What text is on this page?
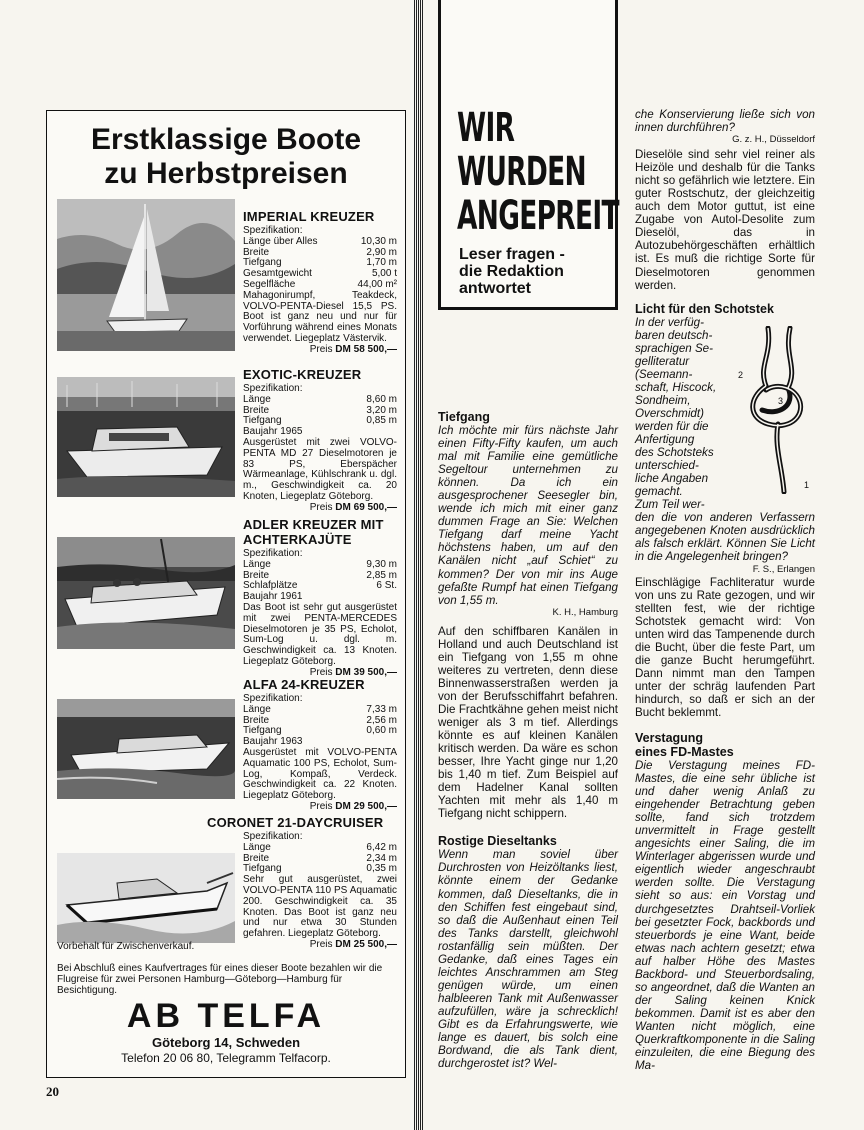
Erstklassige Boote
zu Herbstpreisen
IMPERIAL KREUZER
Spezifikation:
Länge über Alles	10,30 m
Breite	2,90 m
Tiefgang	1,70 m
Gesamtgewicht	5,00 t
Segelfläche	44,00 m²
Mahagonirumpf, Teakdeck, VOLVO-PENTA-Diesel 15,5 PS. Boot ist ganz neu und nur für Vorführung während eines Monats verwendet. Liegeplatz Västervik.
Preis DM 58 500,—
EXOTIC-KREUZER
Spezifikation:
Länge	8,60 m
Breite	3,20 m
Tiefgang	0,85 m
Baujahr 1965
Ausgerüstet mit zwei VOLVO-PENTA MD 27 Dieselmotoren je 83 PS, Eberspächer Wärmeanlage, Kühlschrank u. dgl. m., Geschwindigkeit ca. 20 Knoten, Liegeplatz Göteborg.
Preis DM 69 500,—
ADLER KREUZER MIT ACHTERKAJÜTE
Spezifikation:
Länge	9,30 m
Breite	2,85 m
Schlafplätze	6 St.
Baujahr 1961
Das Boot ist sehr gut ausgerüstet mit zwei PENTA-MERCEDES Dieselmotoren je 35 PS, Echolot, Sum-Log u. dgl. m. Geschwindigkeit ca. 13 Knoten. Liegeplatz Göteborg.
Preis DM 39 500,—
ALFA 24-KREUZER
Spezifikation:
Länge	7,33 m
Breite	2,56 m
Tiefgang	0,60 m
Baujahr 1963
Ausgerüstet mit VOLVO-PENTA Aquamatic 100 PS, Echolot, Sum-Log, Kompaß, Verdeck. Geschwindigkeit ca. 22 Knoten. Liegeplatz Göteborg.
Preis DM 29 500,—
CORONET 21-DAYCRUISER
Spezifikation:
Länge	6,42 m
Breite	2,34 m
Tiefgang	0,35 m
Sehr gut ausgerüstet, zwei VOLVO-PENTA 110 PS Aquamatic 200. Geschwindigkeit ca. 35 Knoten. Das Boot ist ganz neu und nur etwa 30 Stunden gefahren. Liegeplatz Göteborg.
Preis DM 25 500,—
Vorbehalt für Zwischenverkauf.
Bei Abschluß eines Kaufvertrages für eines dieser Boote bezahlen wir die Flugreise für zwei Personen Hamburg—Göteborg—Hamburg für Besichtigung.
AB TELFA
Göteborg 14, Schweden
Telefon 20 06 80, Telegramm Telfacorp.
20
WIR
WURDEN
ANGEPREIT
Leser fragen -
die Redaktion
antwortet
Tiefgang

Ich möchte mir fürs nächste Jahr einen Fifty-Fifty kaufen, um auch mal mit Familie eine gemütliche Segeltour unternehmen zu können. Da ich ein ausgesprochener Seesegler bin, wende ich mich mit einer ganz dummen Frage an Sie: Welchen Tiefgang darf meine Yacht höchstens haben, um auf den Kanälen nicht „auf Schiet“ zu kommen? Der von mir ins Auge gefaßte Rumpf hat einen Tiefgang von 1,55 m.

K. H., Hamburg

Auf den schiffbaren Kanälen in Holland und auch Deutschland ist ein Tiefgang von 1,55 m ohne weiteres zu vertreten, denn diese Binnenwasserstraßen werden ja von der Berufsschiffahrt befahren. Die Frachtkähne gehen meist nicht weniger als 3 m tief. Allerdings könnte es auf kleinen Kanälen kritisch werden. Da wäre es schon besser, Ihre Yacht ginge nur 1,20 bis 1,40 m tief. Zum Beispiel auf dem Hadelner Kanal sollten Yachten mit mehr als 1,40 m Tiefgang nicht schippern.

Rostige Dieseltanks

Wenn man soviel über Durchrosten von Heizöltanks liest, könnte einem der Gedanke kommen, daß Dieseltanks, die in den Schiffen fest eingebaut sind, so daß die Außenhaut einen Teil des Tanks darstellt, gleichwohl rostanfällig sein müßten. Der Gedanke, daß eines Tages ein leichtes Anschrammen am Steg genügen würde, um einen halbleeren Tank mit Außenwasser aufzufüllen, wäre ja schrecklich! Gibt es da Erfahrungswerte, wie lange es dauert, bis solch eine Bordwand, die als Tank dient, durchgerostet ist? Wel-

che Konservierung ließe sich von innen durchführen?

G. z. H., Düsseldorf

Dieselöle sind sehr viel reiner als Heizöle und deshalb für die Tanks nicht so gefährlich wie letztere. Ein guter Rostschutz, der gleichzeitig auch dem Motor guttut, ist eine Zugabe von Autol-Desolite zum Dieselöl, das in Autozubehörgeschäften erhältlich ist. Es muß die richtige Sorte für Dieselmotoren genommen werden.

Licht für den Schotstek
In der verfüg-
baren deutsch-
sprachigen Se-
gelliteratur
(Seemann-
schaft, Hiscock,
Sondheim,
Overschmidt)
werden für die
Anfertigung
des Schotsteks
unterschied-
liche Angaben
gemacht.
Zum Teil wer-

den die von anderen Verfassern angegebenen Knoten ausdrücklich als falsch erklärt. Können Sie Licht in die Angelegenheit bringen?

F. S., Erlangen

Einschlägige Fachliteratur wurde von uns zu Rate gezogen, und wir stellten fest, wie der richtige Schotstek gemacht wird: Von unten wird das Tampenende durch die Bucht, über die feste Part, um die ganze Bucht herumgeführt. Dann nimmt man den Tampen unter der schräg laufenden Part hindurch, so daß er sich an der Bucht beklemmt.

Verstagung
eines FD-Mastes

Die Verstagung meines FD-Mastes, die eine sehr übliche ist und daher wenig Anlaß zu eingehender Betrachtung geben sollte, fand sich trotzdem unvermittelt in Frage gestellt angesichts einer Saling, die im Winterlager abgerissen wurde und eigentlich wieder angeschraubt werden sollte. Die Verstagung sieht so aus: ein Vorstag und durchgesetztes Drahtseil-Vorliek bei gesetzter Fock, backbords und steuerbords je eine Want, beide etwas nach achtern gesetzt; etwa auf halber Höhe des Mastes Backbord- und Steuerbordsaling, so angeordnet, daß die Wanten an der Saling keinen Knick bekommen. Damit ist es aber den Wanten nicht möglich, eine Querkraftkomponente in die Saling einzuleiten, die eine Biegung des Ma-

2
3
1
